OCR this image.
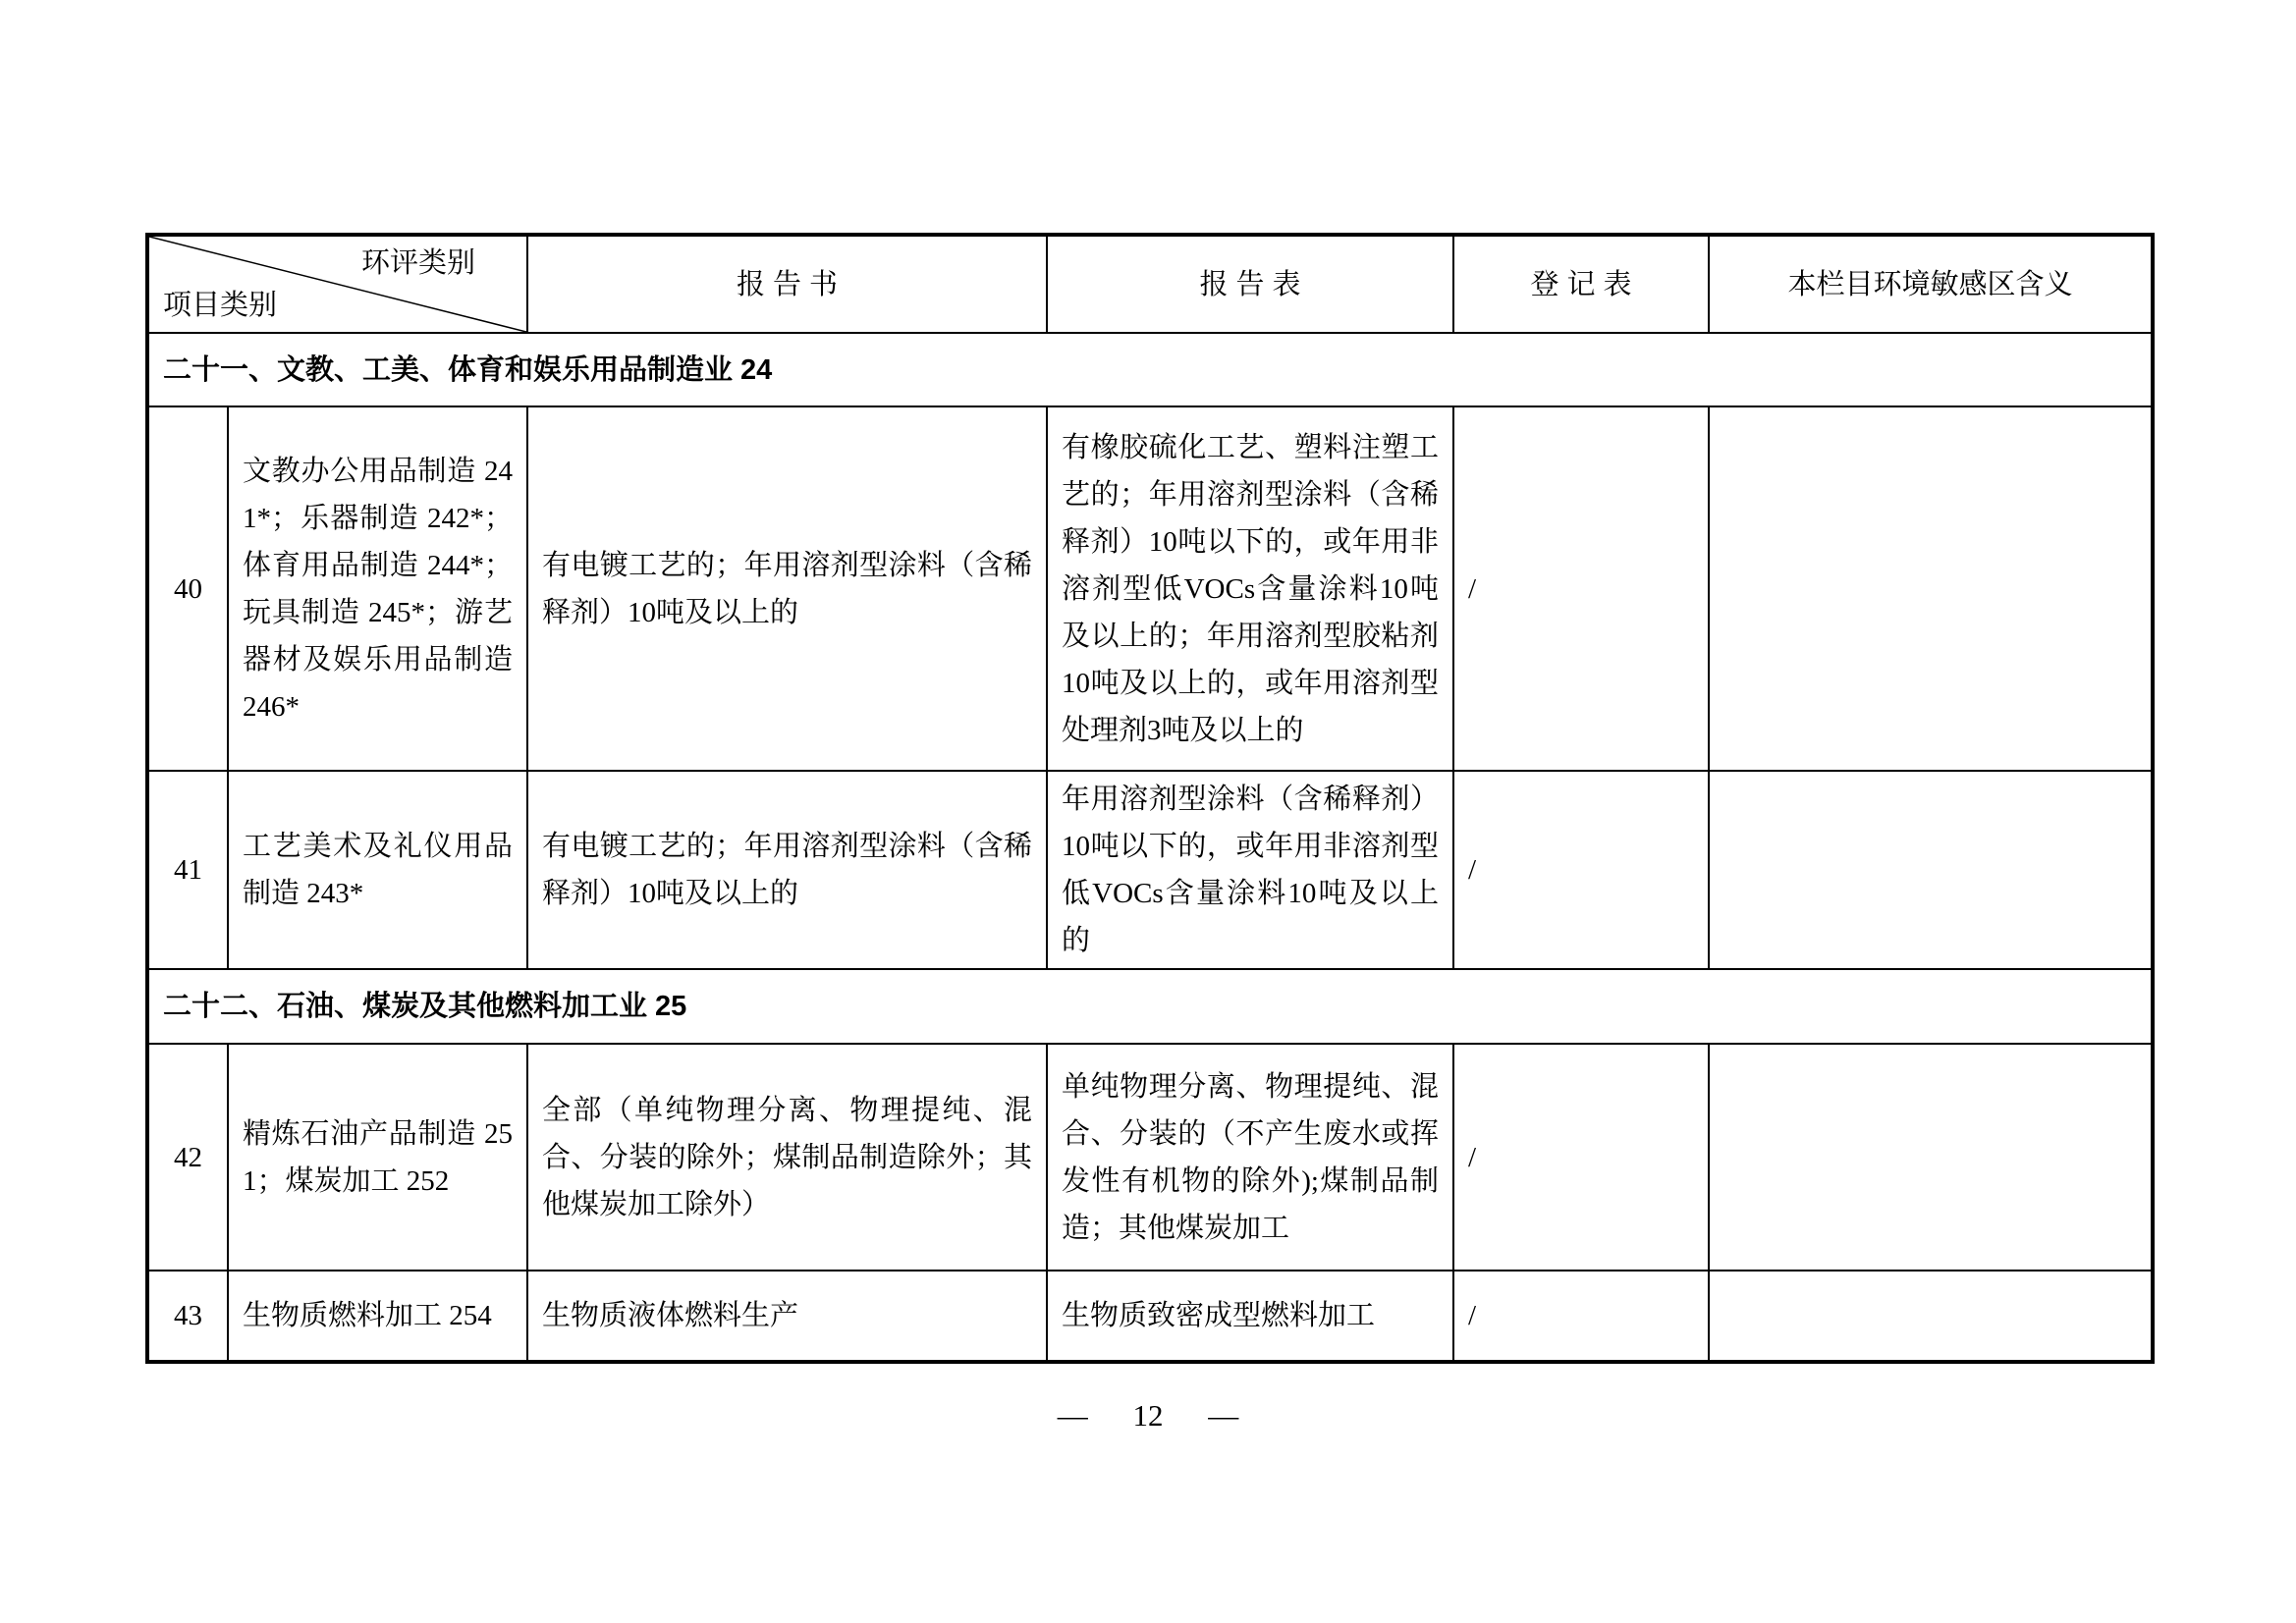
环评类别
项目类别		报 告 书	报 告 表	登 记 表	本栏目环境敏感区含义
二十一、文教、工美、体育和娱乐用品制造业 24					
40	文教办公用品制造 241*；乐器制造 242*；体育用品制造 244*；玩具制造 245*；游艺器材及娱乐用品制造 246*	有电镀工艺的；年用溶剂型涂料（含稀释剂）10吨及以上的	有橡胶硫化工艺、塑料注塑工艺的；年用溶剂型涂料（含稀释剂）10吨以下的，或年用非溶剂型低VOCs含量涂料10吨及以上的；年用溶剂型胶粘剂10吨及以上的，或年用溶剂型处理剂3吨及以上的	/	
41	工艺美术及礼仪用品制造 243*	有电镀工艺的；年用溶剂型涂料（含稀释剂）10吨及以上的	年用溶剂型涂料（含稀释剂）10吨以下的，或年用非溶剂型低VOCs含量涂料10吨及以上的	/	
二十二、石油、煤炭及其他燃料加工业 25					
42	精炼石油产品制造 251；煤炭加工 252	全部（单纯物理分离、物理提纯、混合、分装的除外；煤制品制造除外；其他煤炭加工除外）	单纯物理分离、物理提纯、混合、分装的（不产生废水或挥发性有机物的除外);煤制品制造；其他煤炭加工	/	
43	生物质燃料加工 254	生物质液体燃料生产	生物质致密成型燃料加工	/	
— 12 —
